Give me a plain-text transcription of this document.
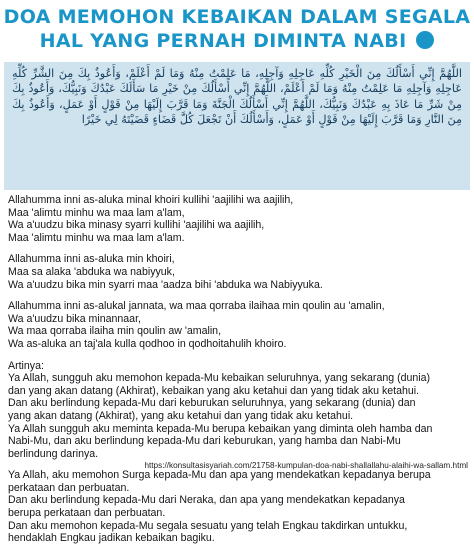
DOA MEMOHON KEBAIKAN DALAM SEGALA
HAL YANG PERNAH DIMINTA NABI
اللَّهُمَّ إِنِّي أَسْأَلُكَ مِنَ الْخَيْرِ كُلِّهِ عَاجِلِهِ وَآجِلِهِ، مَا عَلِمْتُ مِنْهُ وَمَا لَمْ أَعْلَمْ، وَأَعُوذُ بِكَ مِنَ الشَّرِّ كُلِّهِ عَاجِلِهِ وَآجِلِهِ مَا عَلِمْتُ مِنْهُ وَمَا لَمْ أَعْلَمْ، اللَّهُمَّ إِنِّي أَسْأَلُكَ مِنْ خَيْرِ مَا سَأَلَكَ عَبْدُكَ وَنَبِيُّكَ، وَأَعُوذُ بِكَ مِنْ شَرِّ مَا عَاذَ بِهِ عَبْدُكَ وَنَبِيُّكَ، اللَّهُمَّ إِنِّي أَسْأَلُكَ الْجَنَّةَ وَمَا قَرَّبَ إِلَيْهَا مِنْ قَوْلٍ أَوْ عَمَلٍ، وَأَعُوذُ بِكَ مِنَ النَّارِ وَمَا قَرَّبَ إِلَيْهَا مِنْ قَوْلٍ أَوْ عَمَلٍ، وَأَسْأَلُكَ أَنْ تَجْعَلَ كُلَّ قَضَاءٍ قَضَيْتَهُ لِي خَيْرًا
Allahumma inni as-aluka minal khoiri kullihi 'aajilihi wa aajilih,
Maa 'alimtu minhu wa maa lam a'lam,
Wa a'uudzu bika minasy syarri kullihi 'aajilihi wa aajilih,
Maa 'alimtu minhu wa maa lam a'lam.
Allahumma inni as-aluka min khoiri,
Maa sa alaka 'abduka wa nabiyyuk,
Wa a'uudzu bika min syarri maa 'aadza bihi 'abduka wa Nabiyyuka.
Allahumma inni as-alukal jannata, wa maa qorraba ilaihaa min qoulin au 'amalin,
Wa a'uudzu bika minannaar,
Wa maa qorraba ilaiha min qoulin aw 'amalin,
Wa as-aluka an taj'ala kulla qodhoo in qodhoitahulih khoiro.
Artinya:
Ya Allah, sungguh aku memohon kepada-Mu kebaikan seluruhnya, yang sekarang (dunia)
dan yang akan datang (Akhirat), kebaikan yang aku ketahui dan yang tidak aku ketahui.
Dan aku berlindung kepada-Mu dari keburukan seluruhnya, yang sekarang (dunia) dan
yang akan datang (Akhirat), yang aku ketahui dan yang tidak aku ketahui.
Ya Allah sungguh aku meminta kepada-Mu berupa kebaikan yang diminta oleh hamba dan
Nabi-Mu, dan aku berlindung kepada-Mu dari keburukan, yang hamba dan Nabi-Mu
berlindung darinya.
Ya Allah, aku memohon Surga kepada-Mu dan apa yang mendekatkan kepadanya berupa
perkataan dan perbuatan.
Dan aku berlindung kepada-Mu dari Neraka, dan apa yang mendekatkan kepadanya
berupa perkataan dan perbuatan.
Dan aku memohon kepada-Mu segala sesuatu yang telah Engkau takdirkan untukku,
hendaklah Engkau jadikan kebaikan bagiku.
https://konsultasisyariah.com/21758-kumpulan-doa-nabi-shallallahu-alaihi-wa-sallam.html
